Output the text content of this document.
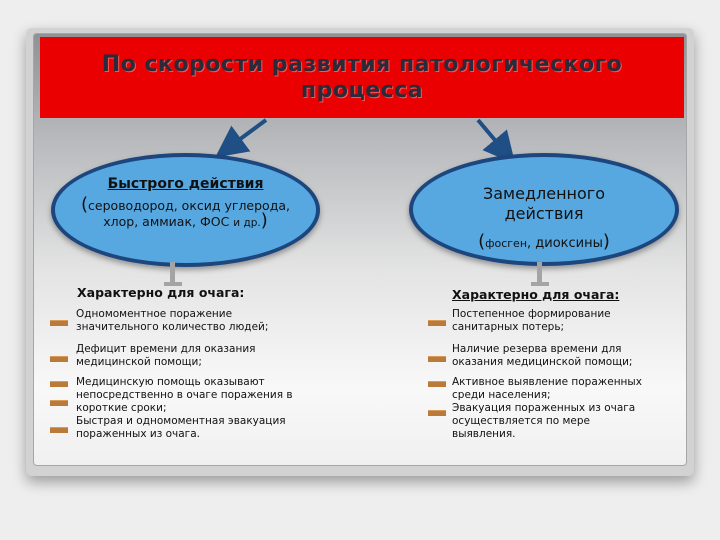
По скорости развития патологического
процесса
Быстрого действия
(сероводород, оксид углерода, хлор, аммиак, ФОС и др.)
Замедленного
действия
(фосген, диоксины)
Характерно для очага:	Характерно для очага:
Одномоментное поражение
значительного количество людей;
Дефицит времени для оказания
медицинской помощи;
Медицинскую помощь оказывают
непосредственно в очаге поражения в
короткие сроки;
Быстрая и одномоментная эвакуация
пораженных из очага.
Постепенное формирование
санитарных потерь;
Наличие резерва времени для
оказания медицинской помощи;
Активное выявление пораженных
среди населения;
Эвакуация пораженных из очага
осуществляется по мере
выявления.
